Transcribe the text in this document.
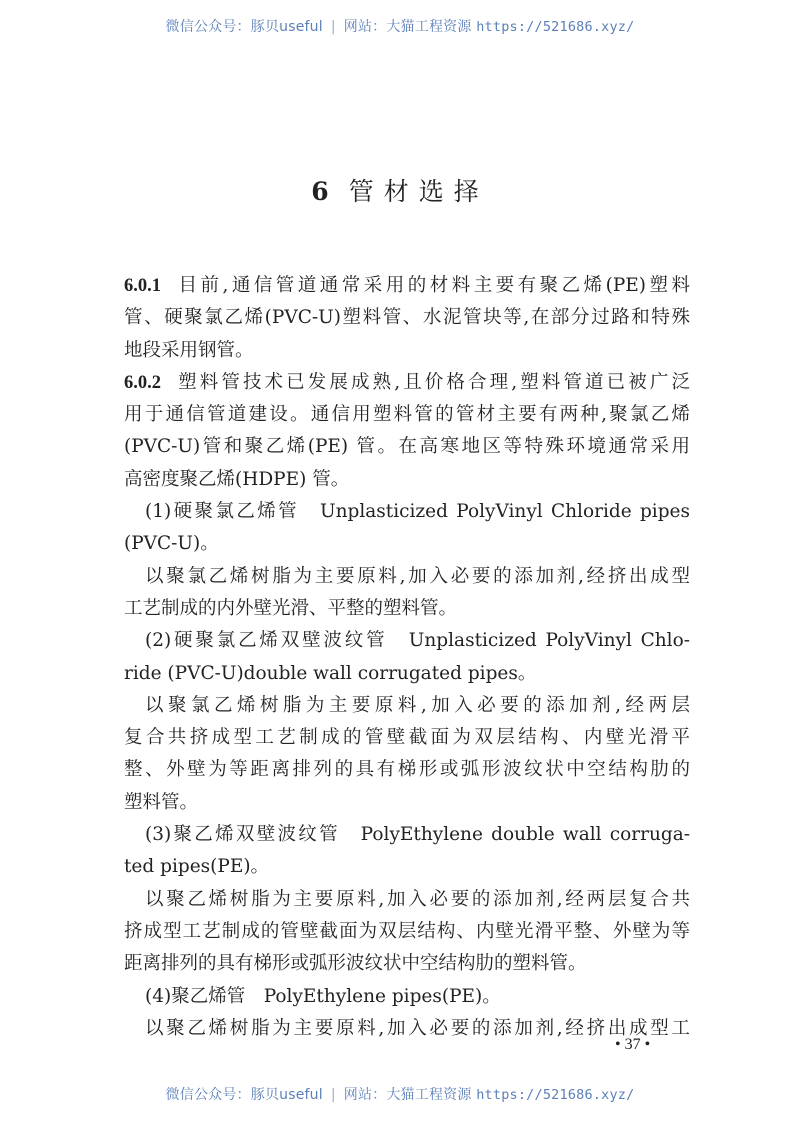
微信公众号：豚贝useful | 网站：大猫工程资源 https://521686.xyz/
6 管材选择
6.0.1 目前,通信管道通常采用的材料主要有聚乙烯(PE)塑料
管、硬聚氯乙烯(PVC-U)塑料管、水泥管块等,在部分过路和特殊
地段采用钢管。
6.0.2 塑料管技术已发展成熟,且价格合理,塑料管道已被广泛
用于通信管道建设。通信用塑料管的管材主要有两种,聚氯乙烯
(PVC-U)管和聚乙烯(PE) 管。在高寒地区等特殊环境通常采用
高密度聚乙烯(HDPE) 管。
(1)硬聚氯乙烯管　Unplasticized PolyVinyl Chloride pipes
(PVC-U)。
以聚氯乙烯树脂为主要原料,加入必要的添加剂,经挤出成型
工艺制成的内外壁光滑、平整的塑料管。
(2)硬聚氯乙烯双壁波纹管　Unplasticized PolyVinyl Chlo-
ride (PVC-U)double wall corrugated pipes。
以聚氯乙烯树脂为主要原料,加入必要的添加剂,经两层
复合共挤成型工艺制成的管壁截面为双层结构、内壁光滑平
整、外壁为等距离排列的具有梯形或弧形波纹状中空结构肋的
塑料管。
(3)聚乙烯双壁波纹管　PolyEthylene double wall corruga-
ted pipes(PE)。
以聚乙烯树脂为主要原料,加入必要的添加剂,经两层复合共
挤成型工艺制成的管壁截面为双层结构、内壁光滑平整、外壁为等
距离排列的具有梯形或弧形波纹状中空结构肋的塑料管。
(4)聚乙烯管　PolyEthylene pipes(PE)。
以聚乙烯树脂为主要原料,加入必要的添加剂,经挤出成型工
• 37 •
微信公众号：豚贝useful | 网站：大猫工程资源 https://521686.xyz/
